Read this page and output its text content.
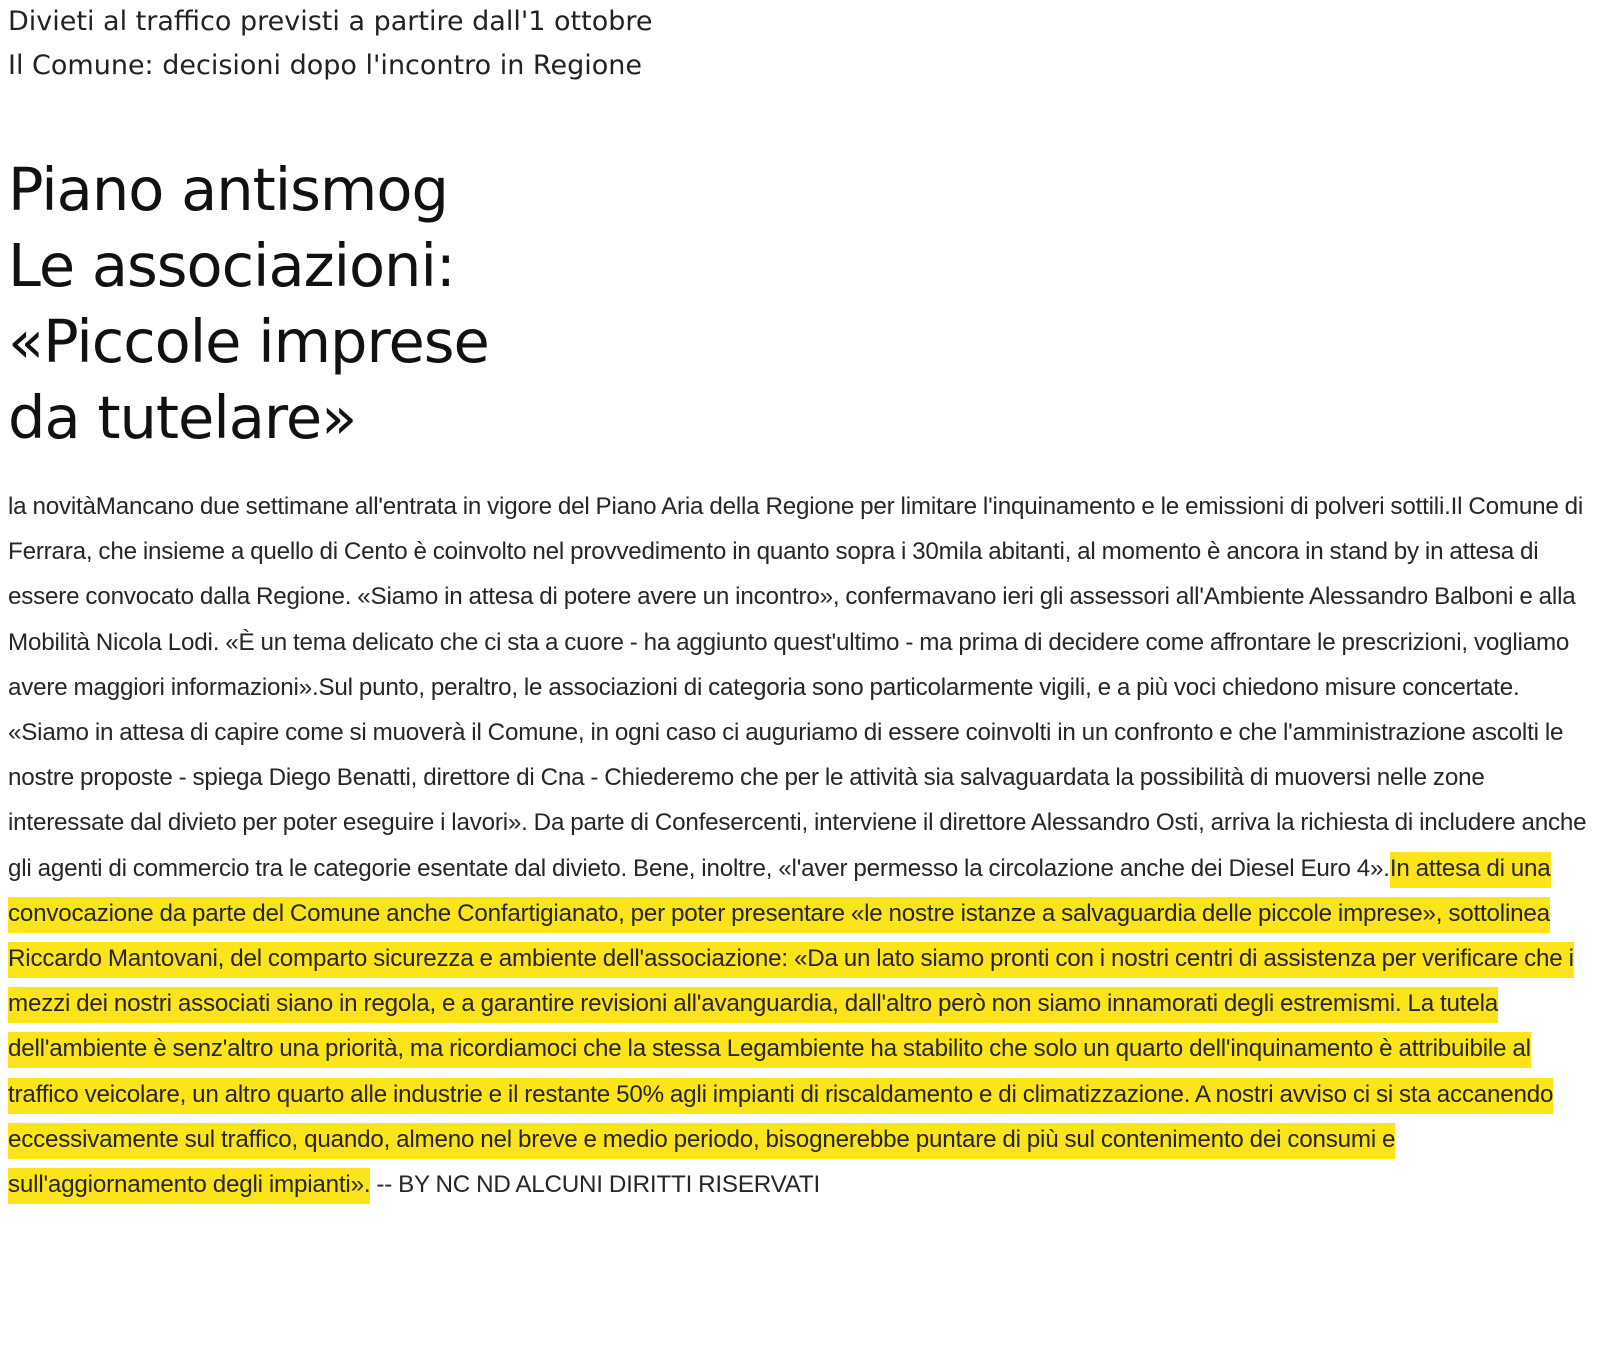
Divieti al traffico previsti a partire dall'1 ottobre
Il Comune: decisioni dopo l'incontro in Regione
Piano antismog
Le associazioni:
«Piccole imprese
da tutelare»

la novitàMancano due settimane all'entrata in vigore del Piano Aria della Regione per limitare l'inquinamento e le emissioni di polveri sottili.Il Comune di Ferrara, che insieme a quello di Cento è coinvolto nel provvedimento in quanto sopra i 30mila abitanti, al momento è ancora in stand by in attesa di essere convocato dalla Regione. «Siamo in attesa di potere avere un incontro», confermavano ieri gli assessori all'Ambiente Alessandro Balboni e alla Mobilità Nicola Lodi. «È un tema delicato che ci sta a cuore - ha aggiunto quest'ultimo - ma prima di decidere come affrontare le prescrizioni, vogliamo avere maggiori informazioni».Sul punto, peraltro, le associazioni di categoria sono particolarmente vigili, e a più voci chiedono misure concertate. «Siamo in attesa di capire come si muoverà il Comune, in ogni caso ci auguriamo di essere coinvolti in un confronto e che l'amministrazione ascolti le nostre proposte - spiega Diego Benatti, direttore di Cna - Chiederemo che per le attività sia salvaguardata la possibilità di muoversi nelle zone interessate dal divieto per poter eseguire i lavori». Da parte di Confesercenti, interviene il direttore Alessandro Osti, arriva la richiesta di includere anche gli agenti di commercio tra le categorie esentate dal divieto. Bene, inoltre, «l'aver permesso la circolazione anche dei Diesel Euro 4».In attesa di una convocazione da parte del Comune anche Confartigianato, per poter presentare «le nostre istanze a salvaguardia delle piccole imprese», sottolinea Riccardo Mantovani, del comparto sicurezza e ambiente dell'associazione: «Da un lato siamo pronti con i nostri centri di assistenza per verificare che i mezzi dei nostri associati siano in regola, e a garantire revisioni all'avanguardia, dall'altro però non siamo innamorati degli estremismi. La tutela dell'ambiente è senz'altro una priorità, ma ricordiamoci che la stessa Legambiente ha stabilito che solo un quarto dell'inquinamento è attribuibile al traffico veicolare, un altro quarto alle industrie e il restante 50% agli impianti di riscaldamento e di climatizzazione. A nostri avviso ci si sta accanendo eccessivamente sul traffico, quando, almeno nel breve e medio periodo, bisognerebbe puntare di più sul contenimento dei consumi e sull'aggiornamento degli impianti». -- BY NC ND ALCUNI DIRITTI RISERVATI
